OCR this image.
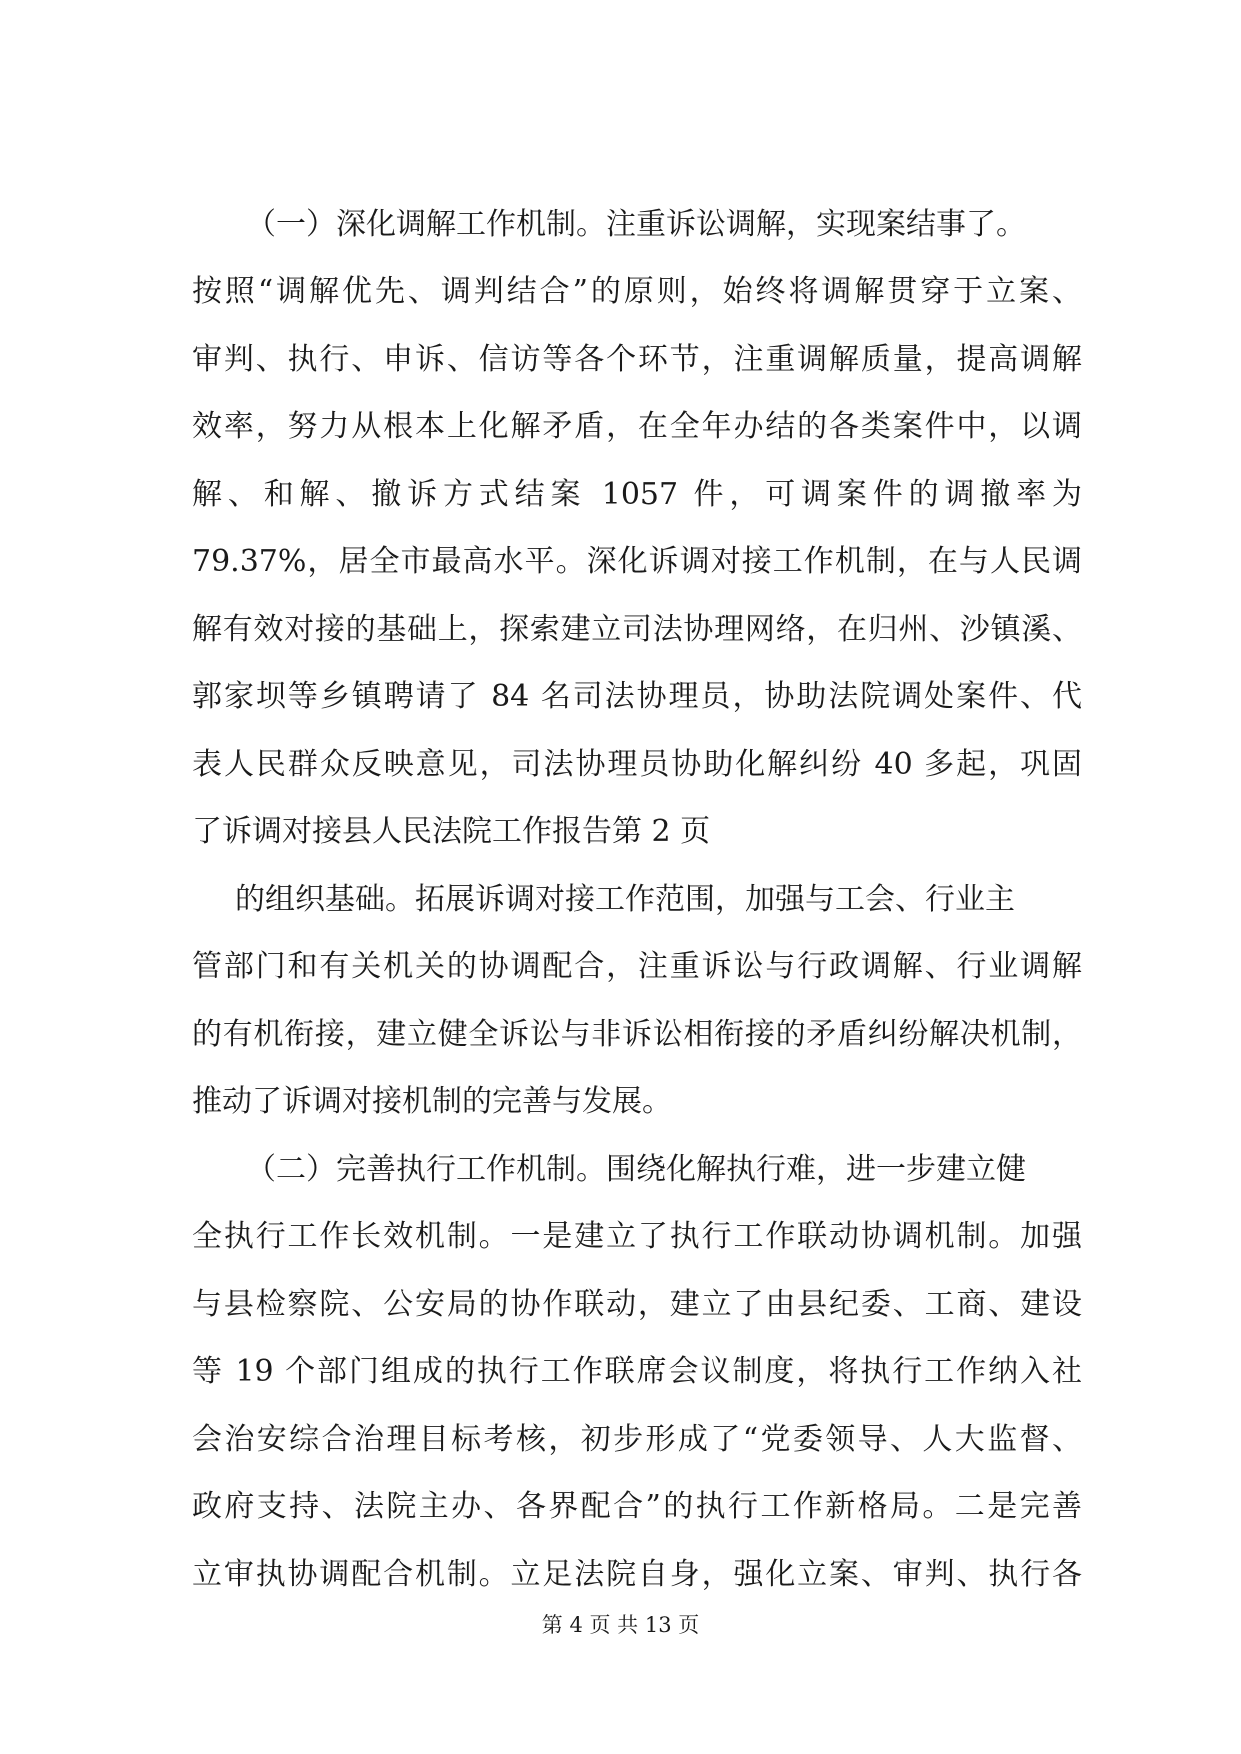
（一）深化调解工作机制。注重诉讼调解，实现案结事了。
按照“调解优先、调判结合”的原则，始终将调解贯穿于立案、
审判、执行、申诉、信访等各个环节，注重调解质量，提高调解
效率，努力从根本上化解矛盾，在全年办结的各类案件中，以调
解、和解、撤诉方式结案 1057 件，可调案件的调撤率为
79.37%，居全市最高水平。深化诉调对接工作机制，在与人民调
解有效对接的基础上，探索建立司法协理网络，在归州、沙镇溪、
郭家坝等乡镇聘请了 84 名司法协理员，协助法院调处案件、代
表人民群众反映意见，司法协理员协助化解纠纷 40 多起，巩固
了诉调对接县人民法院工作报告第 2 页
的组织基础。拓展诉调对接工作范围，加强与工会、行业主
管部门和有关机关的协调配合，注重诉讼与行政调解、行业调解
的有机衔接，建立健全诉讼与非诉讼相衔接的矛盾纠纷解决机制，
推动了诉调对接机制的完善与发展。
（二）完善执行工作机制。围绕化解执行难，进一步建立健
全执行工作长效机制。一是建立了执行工作联动协调机制。加强
与县检察院、公安局的协作联动，建立了由县纪委、工商、建设
等 19 个部门组成的执行工作联席会议制度，将执行工作纳入社
会治安综合治理目标考核，初步形成了“党委领导、人大监督、
政府支持、法院主办、各界配合”的执行工作新格局。二是完善
立审执协调配合机制。立足法院自身，强化立案、审判、执行各
第 4 页 共 13 页
